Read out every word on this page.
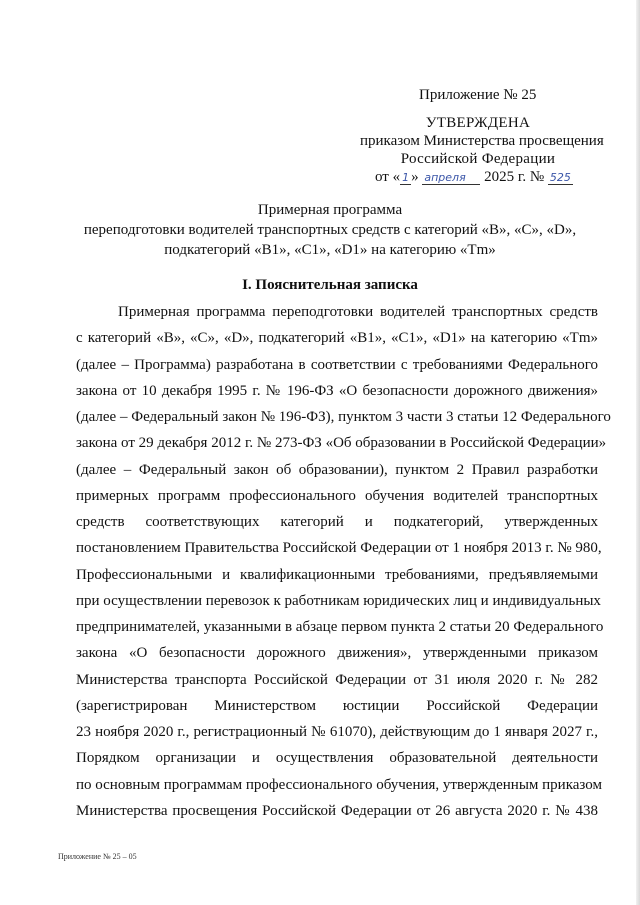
Приложение № 25
УТВЕРЖДЕНА
приказом Министерства просвещения
Российской Федерации
от « 1 » апреля 2025 г. № 525
Примерная программа
переподготовки водителей транспортных средств с категорий «B», «C», «D»,
подкатегорий «B1», «C1», «D1» на категорию «Tm»
I. Пояснительная записка
Примерная программа переподготовки водителей транспортных средств
с категорий «B», «C», «D», подкатегорий «B1», «C1», «D1» на категорию «Tm»
(далее – Программа) разработана в соответствии с требованиями Федерального
закона от 10 декабря 1995 г. № 196-ФЗ «О безопасности дорожного движения»
(далее – Федеральный закон № 196-ФЗ), пунктом 3 части 3 статьи 12 Федерального
закона от 29 декабря 2012 г. № 273-ФЗ «Об образовании в Российской Федерации»
(далее – Федеральный закон об образовании), пунктом 2 Правил разработки
примерных программ профессионального обучения водителей транспортных
средств соответствующих категорий и подкатегорий, утвержденных
постановлением Правительства Российской Федерации от 1 ноября 2013 г. № 980,
Профессиональными и квалификационными требованиями, предъявляемыми
при осуществлении перевозок к работникам юридических лиц и индивидуальных
предпринимателей, указанными в абзаце первом пункта 2 статьи 20 Федерального
закона «О безопасности дорожного движения», утвержденными приказом
Министерства транспорта Российской Федерации от 31 июля 2020 г. № 282
(зарегистрирован Министерством юстиции Российской Федерации
23 ноября 2020 г., регистрационный № 61070), действующим до 1 января 2027 г.,
Порядком организации и осуществления образовательной деятельности
по основным программам профессионального обучения, утвержденным приказом
Министерства просвещения Российской Федерации от 26 августа 2020 г. № 438
Приложение № 25 – 05
